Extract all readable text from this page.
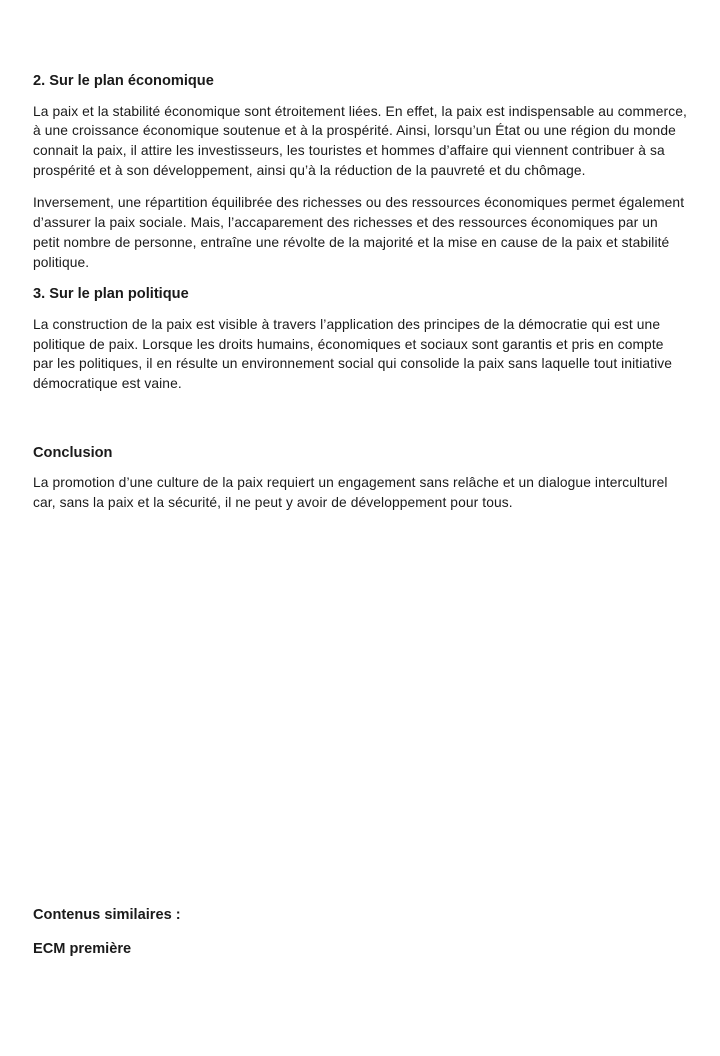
2. Sur le plan économique

La paix et la stabilité économique sont étroitement liées. En effet, la paix est indispensable au commerce, à une croissance économique soutenue et à la prospérité. Ainsi, lorsqu’un État ou une région du monde connait la paix, il attire les investisseurs, les touristes et hommes d’affaire qui viennent contribuer à sa prospérité et à son développement, ainsi qu’à la réduction de la pauvreté et du chômage.

Inversement, une répartition équilibrée des richesses ou des ressources économiques permet également d’assurer la paix sociale. Mais, l’accaparement des richesses et des ressources économiques par un petit nombre de personne, entraîne une révolte de la majorité et la mise en cause de la paix et stabilité politique.

3. Sur le plan politique

La construction de la paix est visible à travers l’application des principes de la démocratie qui est une politique de paix. Lorsque les droits humains, économiques et sociaux sont garantis et pris en compte par les politiques, il en résulte un environnement social qui consolide la paix sans laquelle tout initiative démocratique est vaine.

Conclusion

La promotion d’une culture de la paix requiert un engagement sans relâche et un dialogue interculturel car, sans la paix et la sécurité, il ne peut y avoir de développement pour tous.

Contenus similaires :
ECM première
